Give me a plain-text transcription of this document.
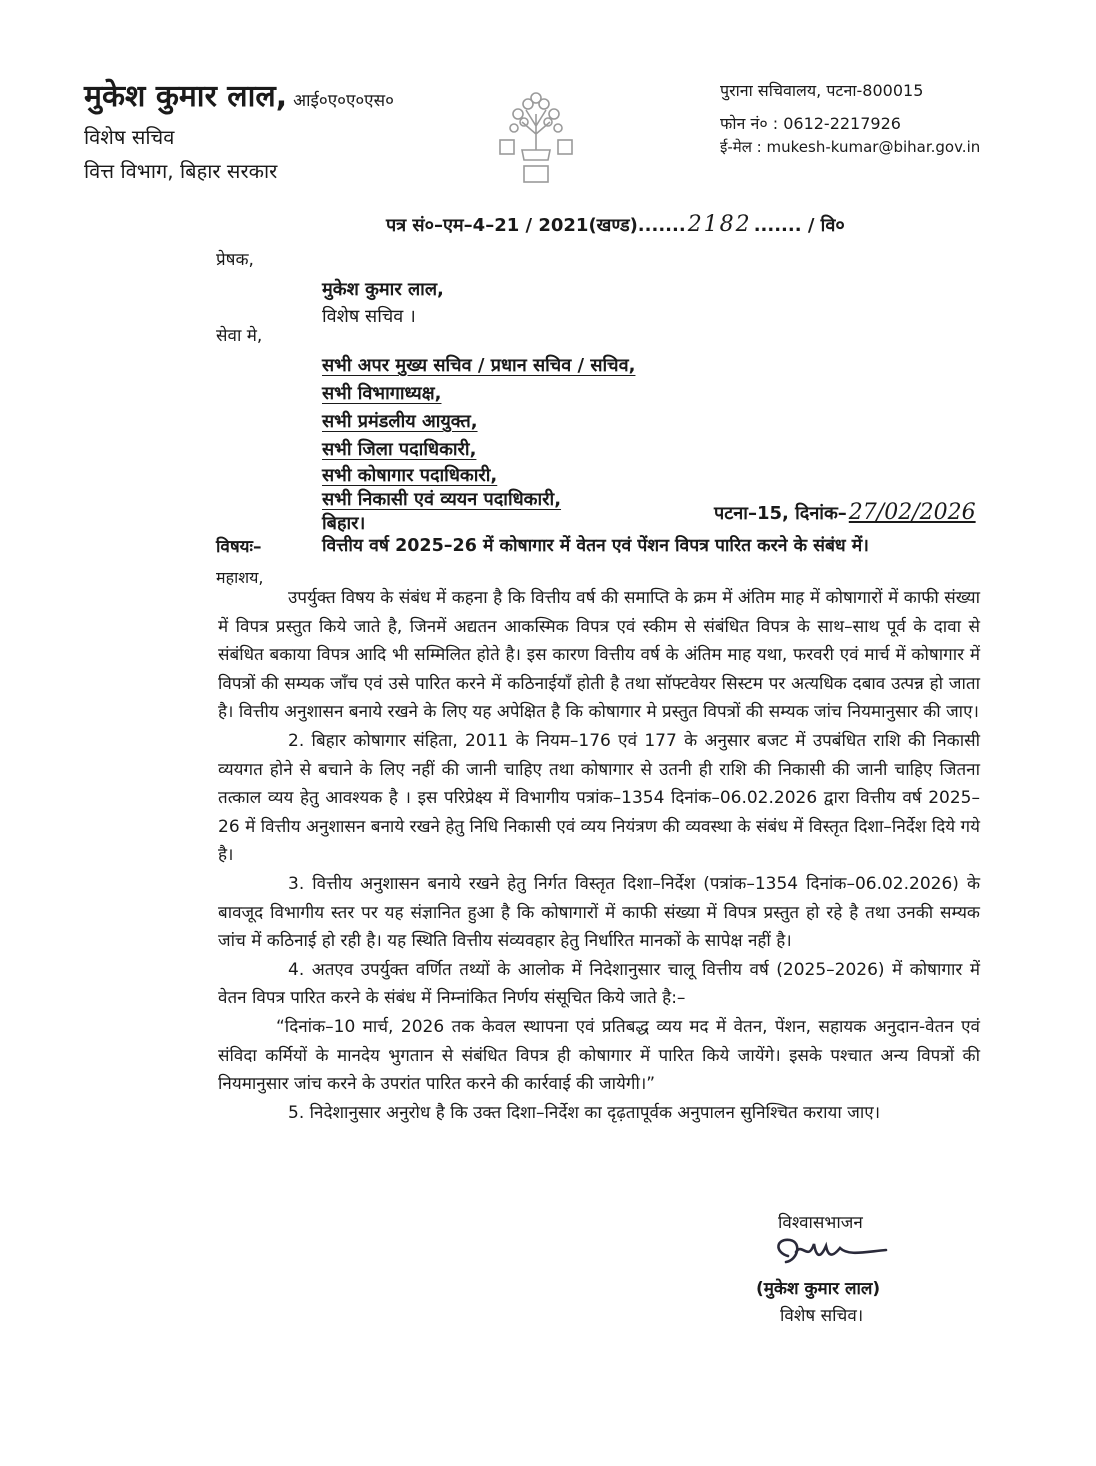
मुकेश कुमार लाल, आई०ए०ए०एस०
विशेष सचिव
वित्त विभाग, बिहार सरकार
पुराना सचिवालय, पटना-800015
फोन नं० : 0612-2217926
ई-मेल : mukesh-kumar@bihar.gov.in
पत्र सं०–एम–4–21 / 2021(खण्ड).......2182 ....... / वि०
प्रेषक,
मुकेश कुमार लाल,
विशेष सचिव ।
सेवा मे,
सभी अपर मुख्य सचिव / प्रधान सचिव / सचिव,
सभी विभागाध्यक्ष,
सभी प्रमंडलीय आयुक्त,
सभी जिला पदाधिकारी,
सभी कोषागार पदाधिकारी,
सभी निकासी एवं व्ययन पदाधिकारी,
बिहार।	पटना–15, दिनांक–27/02/2026
विषयः–	वित्तीय वर्ष 2025–26 में कोषागार में वेतन एवं पेंशन विपत्र पारित करने के संबंध में।
महाशय,

उपर्युक्त विषय के संबंध में कहना है कि वित्तीय वर्ष की समाप्ति के क्रम में अंतिम माह में कोषागारों में काफी संख्या में विपत्र प्रस्तुत किये जाते है, जिनमें अद्यतन आकस्मिक विपत्र एवं स्कीम से संबंधित विपत्र के साथ–साथ पूर्व के दावा से संबंधित बकाया विपत्र आदि भी सम्मिलित होते है। इस कारण वित्तीय वर्ष के अंतिम माह यथा, फरवरी एवं मार्च में कोषागार में विपत्रों की सम्यक जाँच एवं उसे पारित करने में कठिनाईयाँ होती है तथा सॉफ्टवेयर सिस्टम पर अत्यधिक दबाव उत्पन्न हो जाता है। वित्तीय अनुशासन बनाये रखने के लिए यह अपेक्षित है कि कोषागार मे प्रस्तुत विपत्रों की सम्यक जांच नियमानुसार की जाए।

2. बिहार कोषागार संहिता, 2011 के नियम–176 एवं 177 के अनुसार बजट में उपबंधित राशि की निकासी व्ययगत होने से बचाने के लिए नहीं की जानी चाहिए तथा कोषागार से उतनी ही राशि की निकासी की जानी चाहिए जितना तत्काल व्यय हेतु आवश्यक है । इस परिप्रेक्ष्य में विभागीय पत्रांक–1354 दिनांक–06.02.2026 द्वारा वित्तीय वर्ष 2025–26 में वित्तीय अनुशासन बनाये रखने हेतु निधि निकासी एवं व्यय नियंत्रण की व्यवस्था के संबंध में विस्तृत दिशा–निर्देश दिये गये है।

3. वित्तीय अनुशासन बनाये रखने हेतु निर्गत विस्तृत दिशा–निर्देश (पत्रांक–1354 दिनांक–06.02.2026) के बावजूद विभागीय स्तर पर यह संज्ञानित हुआ है कि कोषागारों में काफी संख्या में विपत्र प्रस्तुत हो रहे है तथा उनकी सम्यक जांच में कठिनाई हो रही है। यह स्थिति वित्तीय संव्यवहार हेतु निर्धारित मानकों के सापेक्ष नहीं है।

4. अतएव उपर्युक्त वर्णित तथ्यों के आलोक में निदेशानुसार चालू वित्तीय वर्ष (2025–2026) में कोषागार में वेतन विपत्र पारित करने के संबंध में निम्नांकित निर्णय संसूचित किये जाते है:–

“दिनांक–10 मार्च, 2026 तक केवल स्थापना एवं प्रतिबद्ध व्यय मद में वेतन, पेंशन, सहायक अनुदान-वेतन एवं संविदा कर्मियों के मानदेय भुगतान से संबंधित विपत्र ही कोषागार में पारित किये जायेंगे। इसके पश्चात अन्य विपत्रों की नियमानुसार जांच करने के उपरांत पारित करने की कार्रवाई की जायेगी।”

5. निदेशानुसार अनुरोध है कि उक्त दिशा–निर्देश का दृढ़तापूर्वक अनुपालन सुनिश्चित कराया जाए।

विश्वासभाजन
(मुकेश कुमार लाल)
विशेष सचिव।
